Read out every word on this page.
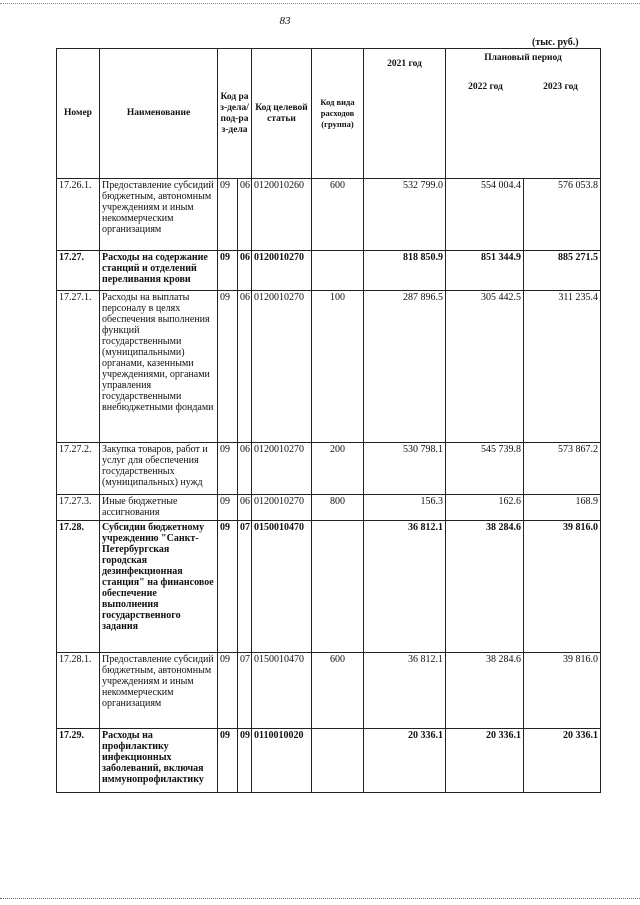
83
(тыс. руб.)
Номер	Наименование	Код раз-дела/под-раз-дела		Код целевой статьи	Код вида расходов (группа)	2021 год	Плановый период
2022 год 2023 год	

17.26.1.	Предоставление субсидий бюджетным, автономным учреждениям и иным некоммерческим организациям	09	06	0120010260	600	532 799.0	554 004.4	576 053.8
17.27.	Расходы на содержание станций и отделений переливания крови	09	06	0120010270		818 850.9	851 344.9	885 271.5
17.27.1.	Расходы на выплаты персоналу в целях обеспечения выполнения функций государственными (муниципальными) органами, казенными учреждениями, органами управления государственными внебюджетными фондами	09	06	0120010270	100	287 896.5	305 442.5	311 235.4
17.27.2.	Закупка товаров, работ и услуг для обеспечения государственных (муниципальных) нужд	09	06	0120010270	200	530 798.1	545 739.8	573 867.2
17.27.3.	Иные бюджетные ассигнования	09	06	0120010270	800	156.3	162.6	168.9
17.28.	Субсидии бюджетному учреждению "Санкт-Петербургская городская дезинфекционная станция" на финансовое обеспечение выполнения государственного задания	09	07	0150010470		36 812.1	38 284.6	39 816.0
17.28.1.	Предоставление субсидий бюджетным, автономным учреждениям и иным некоммерческим организациям	09	07	0150010470	600	36 812.1	38 284.6	39 816.0
17.29.	Расходы на профилактику инфекционных заболеваний, включая иммунопрофилактику	09	09	0110010020		20 336.1	20 336.1	20 336.1
